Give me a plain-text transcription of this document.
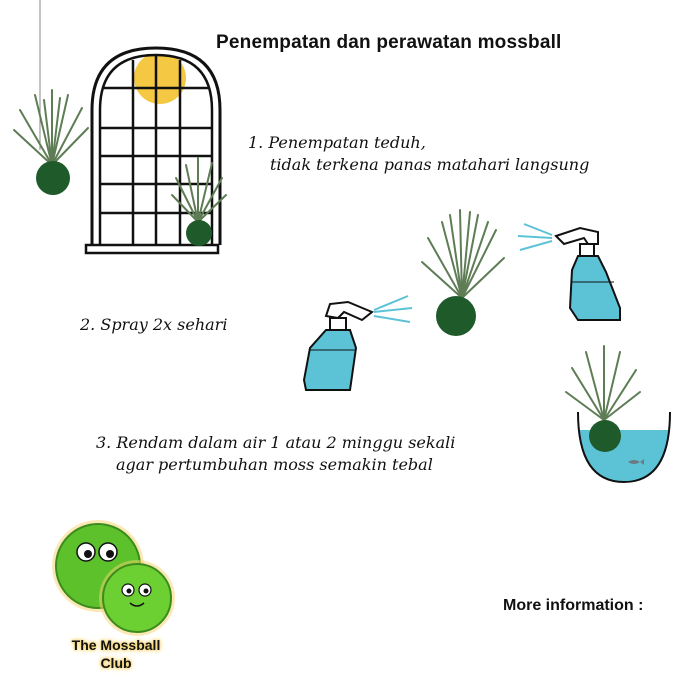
Penempatan dan perawatan mossball
1. Penempatan teduh,
tidak terkena panas matahari langsung
2. Spray 2x sehari
3. Rendam dalam air 1 atau 2 minggu sekali
agar pertumbuhan moss semakin tebal
More information :
The Mossball
Club
